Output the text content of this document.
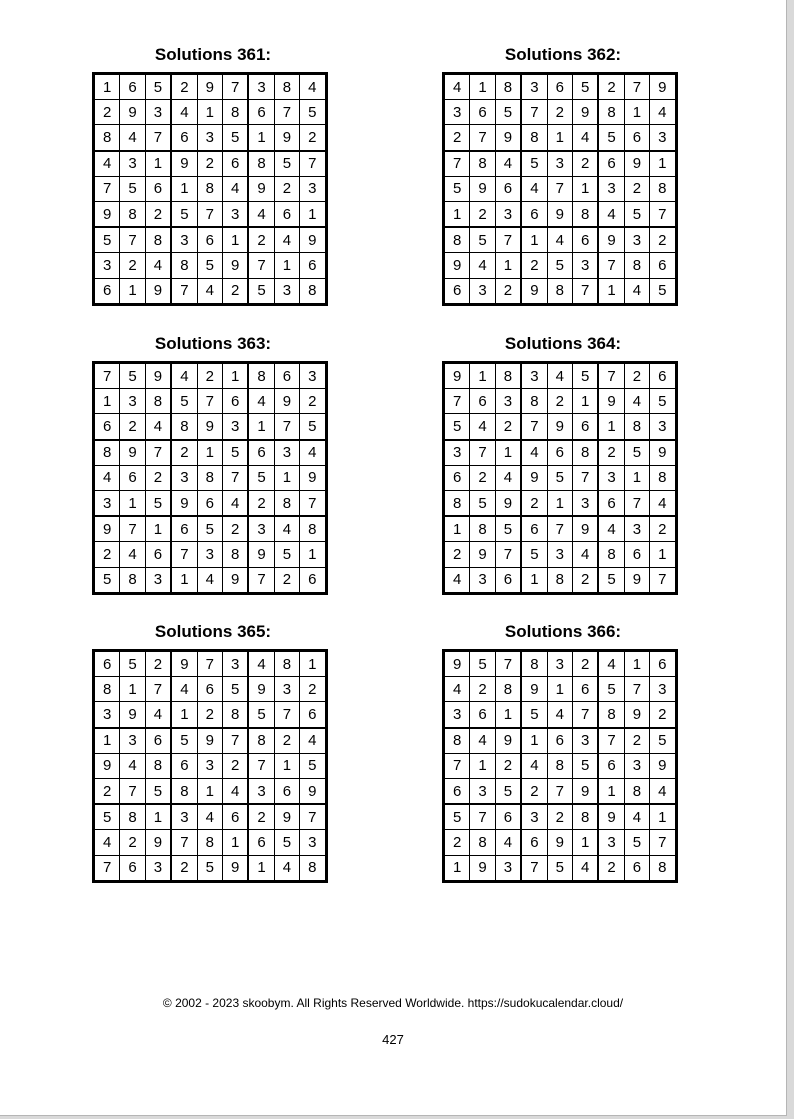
Solutions 361:
1	6	5	2	9	7	3	8	4
2	9	3	4	1	8	6	7	5
8	4	7	6	3	5	1	9	2
4	3	1	9	2	6	8	5	7
7	5	6	1	8	4	9	2	3
9	8	2	5	7	3	4	6	1
5	7	8	3	6	1	2	4	9
3	2	4	8	5	9	7	1	6
6	1	9	7	4	2	5	3	8
Solutions 362:
4	1	8	3	6	5	2	7	9
3	6	5	7	2	9	8	1	4
2	7	9	8	1	4	5	6	3
7	8	4	5	3	2	6	9	1
5	9	6	4	7	1	3	2	8
1	2	3	6	9	8	4	5	7
8	5	7	1	4	6	9	3	2
9	4	1	2	5	3	7	8	6
6	3	2	9	8	7	1	4	5
Solutions 363:
7	5	9	4	2	1	8	6	3
1	3	8	5	7	6	4	9	2
6	2	4	8	9	3	1	7	5
8	9	7	2	1	5	6	3	4
4	6	2	3	8	7	5	1	9
3	1	5	9	6	4	2	8	7
9	7	1	6	5	2	3	4	8
2	4	6	7	3	8	9	5	1
5	8	3	1	4	9	7	2	6
Solutions 364:
9	1	8	3	4	5	7	2	6
7	6	3	8	2	1	9	4	5
5	4	2	7	9	6	1	8	3
3	7	1	4	6	8	2	5	9
6	2	4	9	5	7	3	1	8
8	5	9	2	1	3	6	7	4
1	8	5	6	7	9	4	3	2
2	9	7	5	3	4	8	6	1
4	3	6	1	8	2	5	9	7
Solutions 365:
6	5	2	9	7	3	4	8	1
8	1	7	4	6	5	9	3	2
3	9	4	1	2	8	5	7	6
1	3	6	5	9	7	8	2	4
9	4	8	6	3	2	7	1	5
2	7	5	8	1	4	3	6	9
5	8	1	3	4	6	2	9	7
4	2	9	7	8	1	6	5	3
7	6	3	2	5	9	1	4	8
Solutions 366:
9	5	7	8	3	2	4	1	6
4	2	8	9	1	6	5	7	3
3	6	1	5	4	7	8	9	2
8	4	9	1	6	3	7	2	5
7	1	2	4	8	5	6	3	9
6	3	5	2	7	9	1	8	4
5	7	6	3	2	8	9	4	1
2	8	4	6	9	1	3	5	7
1	9	3	7	5	4	2	6	8
© 2002 - 2023 skoobym. All Rights Reserved Worldwide. https://sudokucalendar.cloud/
427
